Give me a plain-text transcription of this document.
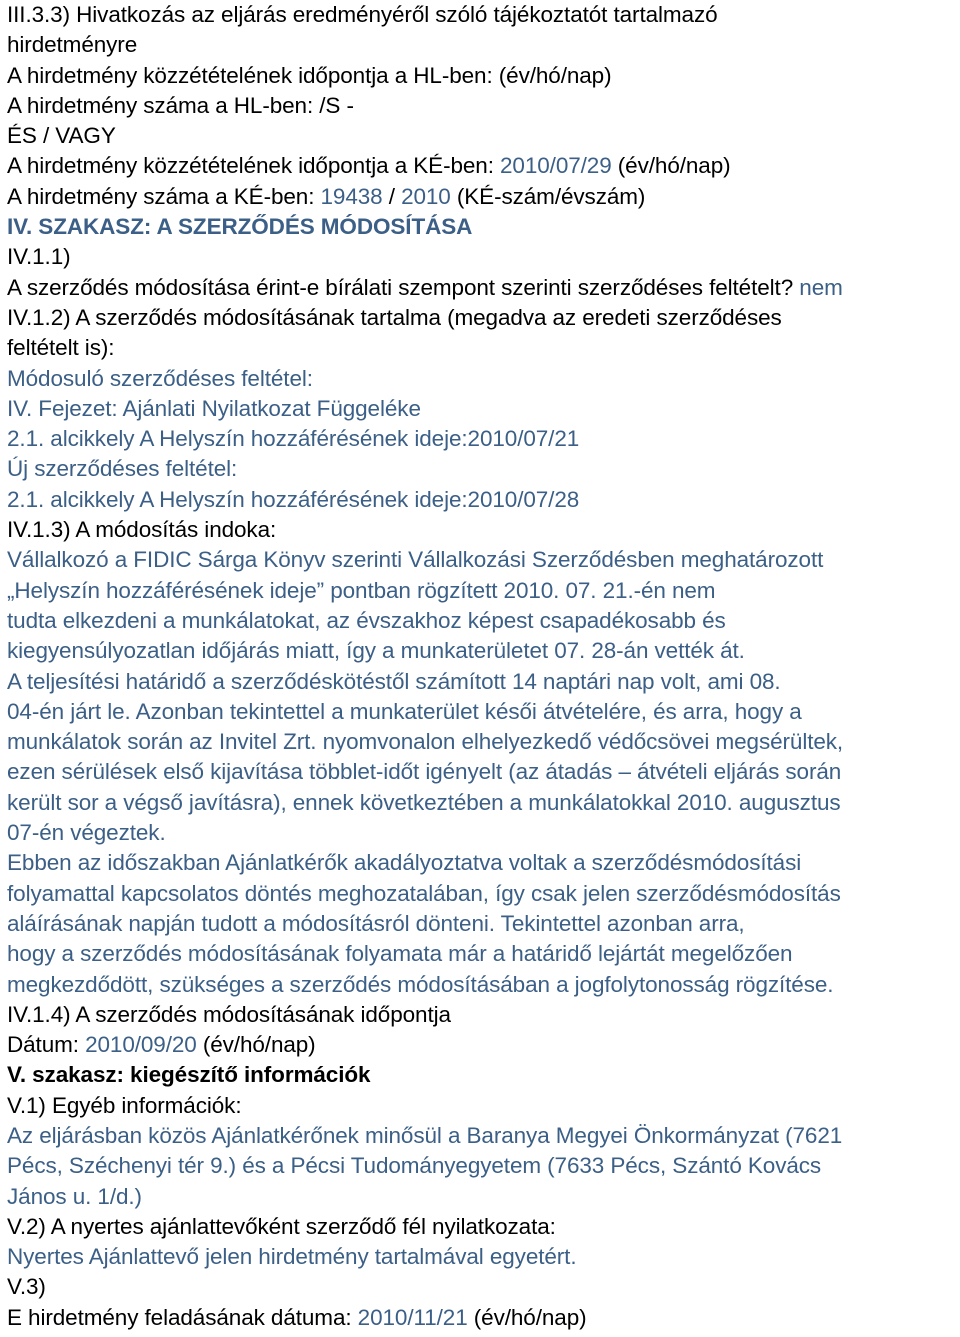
III.3.3) Hivatkozás az eljárás eredményéről szóló tájékoztatót tartalmazó
hirdetményre
A hirdetmény közzétételének időpontja a HL-ben: (év/hó/nap)
A hirdetmény száma a HL-ben: /S -
ÉS / VAGY
A hirdetmény közzétételének időpontja a KÉ-ben: 2010/07/29 (év/hó/nap)
A hirdetmény száma a KÉ-ben: 19438 / 2010 (KÉ-szám/évszám)
IV. SZAKASZ: A SZERZŐDÉS MÓDOSÍTÁSA
IV.1.1)
A szerződés módosítása érint-e bírálati szempont szerinti szerződéses feltételt? nem
IV.1.2) A szerződés módosításának tartalma (megadva az eredeti szerződéses
feltételt is):
Módosuló szerződéses feltétel:
IV. Fejezet: Ajánlati Nyilatkozat Függeléke
2.1. alcikkely A Helyszín hozzáférésének ideje:2010/07/21
Új szerződéses feltétel:
2.1. alcikkely A Helyszín hozzáférésének ideje:2010/07/28
IV.1.3) A módosítás indoka:
Vállalkozó a FIDIC Sárga Könyv szerinti Vállalkozási Szerződésben meghatározott
„Helyszín hozzáférésének ideje” pontban rögzített 2010. 07. 21.-én nem
tudta elkezdeni a munkálatokat, az évszakhoz képest csapadékosabb és
kiegyensúlyozatlan időjárás miatt, így a munkaterületet 07. 28-án vették át.
A teljesítési határidő a szerződéskötéstől számított 14 naptári nap volt, ami 08.
04-én járt le. Azonban tekintettel a munkaterület késői átvételére, és arra, hogy a
munkálatok során az Invitel Zrt. nyomvonalon elhelyezkedő védőcsövei megsérültek,
ezen sérülések első kijavítása többlet-időt igényelt (az átadás – átvételi eljárás során
került sor a végső javításra), ennek következtében a munkálatokkal 2010. augusztus
07-én végeztek.
Ebben az időszakban Ajánlatkérők akadályoztatva voltak a szerződésmódosítási
folyamattal kapcsolatos döntés meghozatalában, így csak jelen szerződésmódosítás
aláírásának napján tudott a módosításról dönteni. Tekintettel azonban arra,
hogy a szerződés módosításának folyamata már a határidő lejártát megelőzően
megkezdődött, szükséges a szerződés módosításában a jogfolytonosság rögzítése.
IV.1.4) A szerződés módosításának időpontja
Dátum: 2010/09/20 (év/hó/nap)
V. szakasz: kiegészítő információk
V.1) Egyéb információk:
Az eljárásban közös Ajánlatkérőnek minősül a Baranya Megyei Önkormányzat (7621
Pécs, Széchenyi tér 9.) és a Pécsi Tudományegyetem (7633 Pécs, Szántó Kovács
János u. 1/d.)
V.2) A nyertes ajánlattevőként szerződő fél nyilatkozata:
Nyertes Ajánlattevő jelen hirdetmény tartalmával egyetért.
V.3)
E hirdetmény feladásának dátuma: 2010/11/21 (év/hó/nap)
